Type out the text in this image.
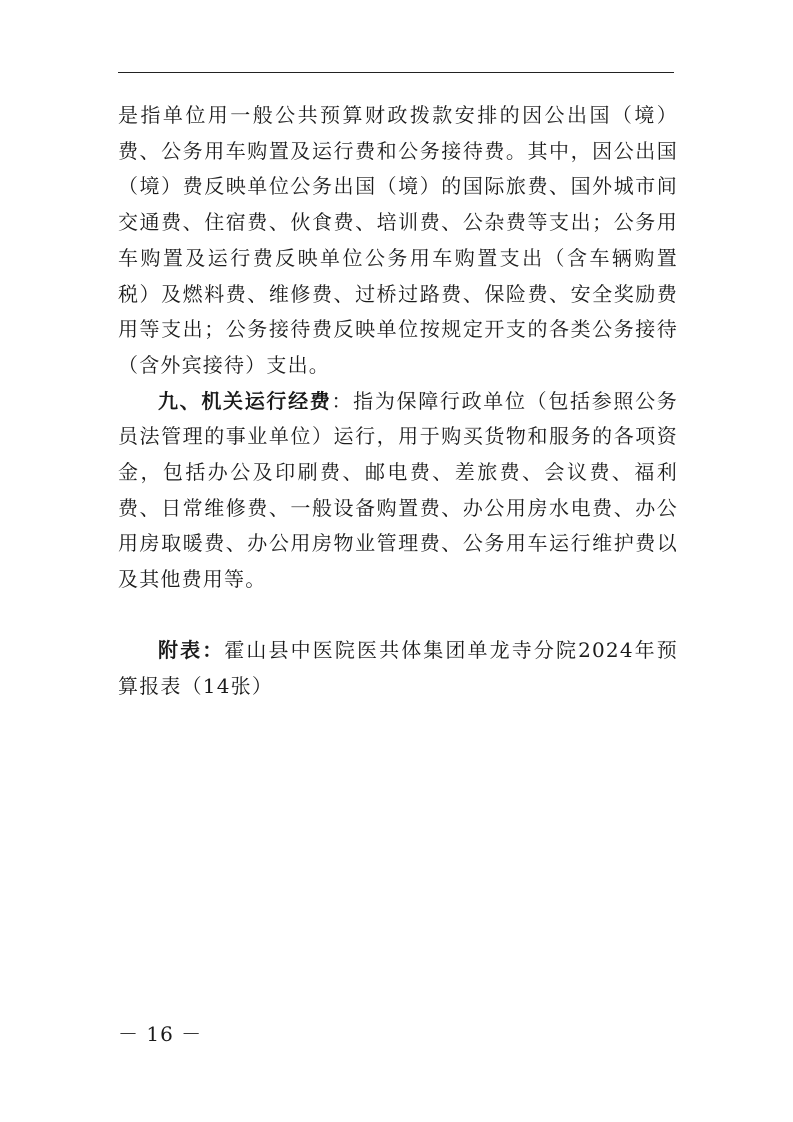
是指单位用一般公共预算财政拨款安排的因公出国（境）费、公务用车购置及运行费和公务接待费。其中，因公出国（境）费反映单位公务出国（境）的国际旅费、国外城市间交通费、住宿费、伙食费、培训费、公杂费等支出；公务用车购置及运行费反映单位公务用车购置支出（含车辆购置税）及燃料费、维修费、过桥过路费、保险费、安全奖励费用等支出；公务接待费反映单位按规定开支的各类公务接待（含外宾接待）支出。

九、机关运行经费：指为保障行政单位（包括参照公务员法管理的事业单位）运行，用于购买货物和服务的各项资金，包括办公及印刷费、邮电费、差旅费、会议费、福利费、日常维修费、一般设备购置费、办公用房水电费、办公用房取暖费、办公用房物业管理费、公务用车运行维护费以及其他费用等。

附表：霍山县中医院医共体集团单龙寺分院2024年预算报表（14张）

－ 16 －
